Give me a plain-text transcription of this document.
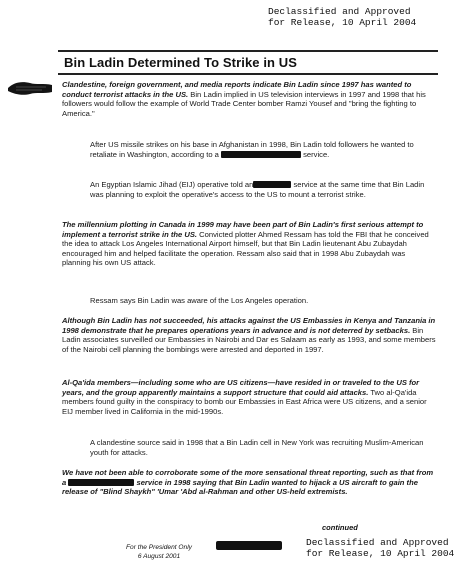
Declassified and Approved
for Release, 10 April 2004
Bin Ladin Determined To Strike in US

Clandestine, foreign government, and media reports indicate Bin Ladin since 1997 has wanted to conduct terrorist attacks in the US. Bin Ladin implied in US television interviews in 1997 and 1998 that his followers would follow the example of World Trade Center bomber Ramzi Yousef and "bring the fighting to America."

After US missile strikes on his base in Afghanistan in 1998, Bin Ladin told followers he wanted to retaliate in Washington, according to a	service.

An Egyptian Islamic Jihad (EIJ) operative told an	service at the same time that Bin Ladin was planning to exploit the operative's access to the US to mount a terrorist strike.

The millennium plotting in Canada in 1999 may have been part of Bin Ladin's first serious attempt to implement a terrorist strike in the US. Convicted plotter Ahmed Ressam has told the FBI that he conceived the idea to attack Los Angeles International Airport himself, but that Bin Ladin lieutenant Abu Zubaydah encouraged him and helped facilitate the operation. Ressam also said that in 1998 Abu Zubaydah was planning his own US attack.

Ressam says Bin Ladin was aware of the Los Angeles operation.

Although Bin Ladin has not succeeded, his attacks against the US Embassies in Kenya and Tanzania in 1998 demonstrate that he prepares operations years in advance and is not deterred by setbacks. Bin Ladin associates surveilled our Embassies in Nairobi and Dar es Salaam as early as 1993, and some members of the Nairobi cell planning the bombings were arrested and deported in 1997.

Al-Qa'ida members—including some who are US citizens—have resided in or traveled to the US for years, and the group apparently maintains a support structure that could aid attacks. Two al-Qa'ida members found guilty in the conspiracy to bomb our Embassies in East Africa were US citizens, and a senior EIJ member lived in California in the mid-1990s.

A clandestine source said in 1998 that a Bin Ladin cell in New York was recruiting Muslim-American youth for attacks.

We have not been able to corroborate some of the more sensational threat reporting, such as that from a	service in 1998 saying that Bin Ladin wanted to hijack a US aircraft to gain the release of "Blind Shaykh" 'Umar 'Abd al-Rahman and other US-held extremists.

continued
For the President Only
6 August 2001
Declassified and Approved
for Release, 10 April 2004
